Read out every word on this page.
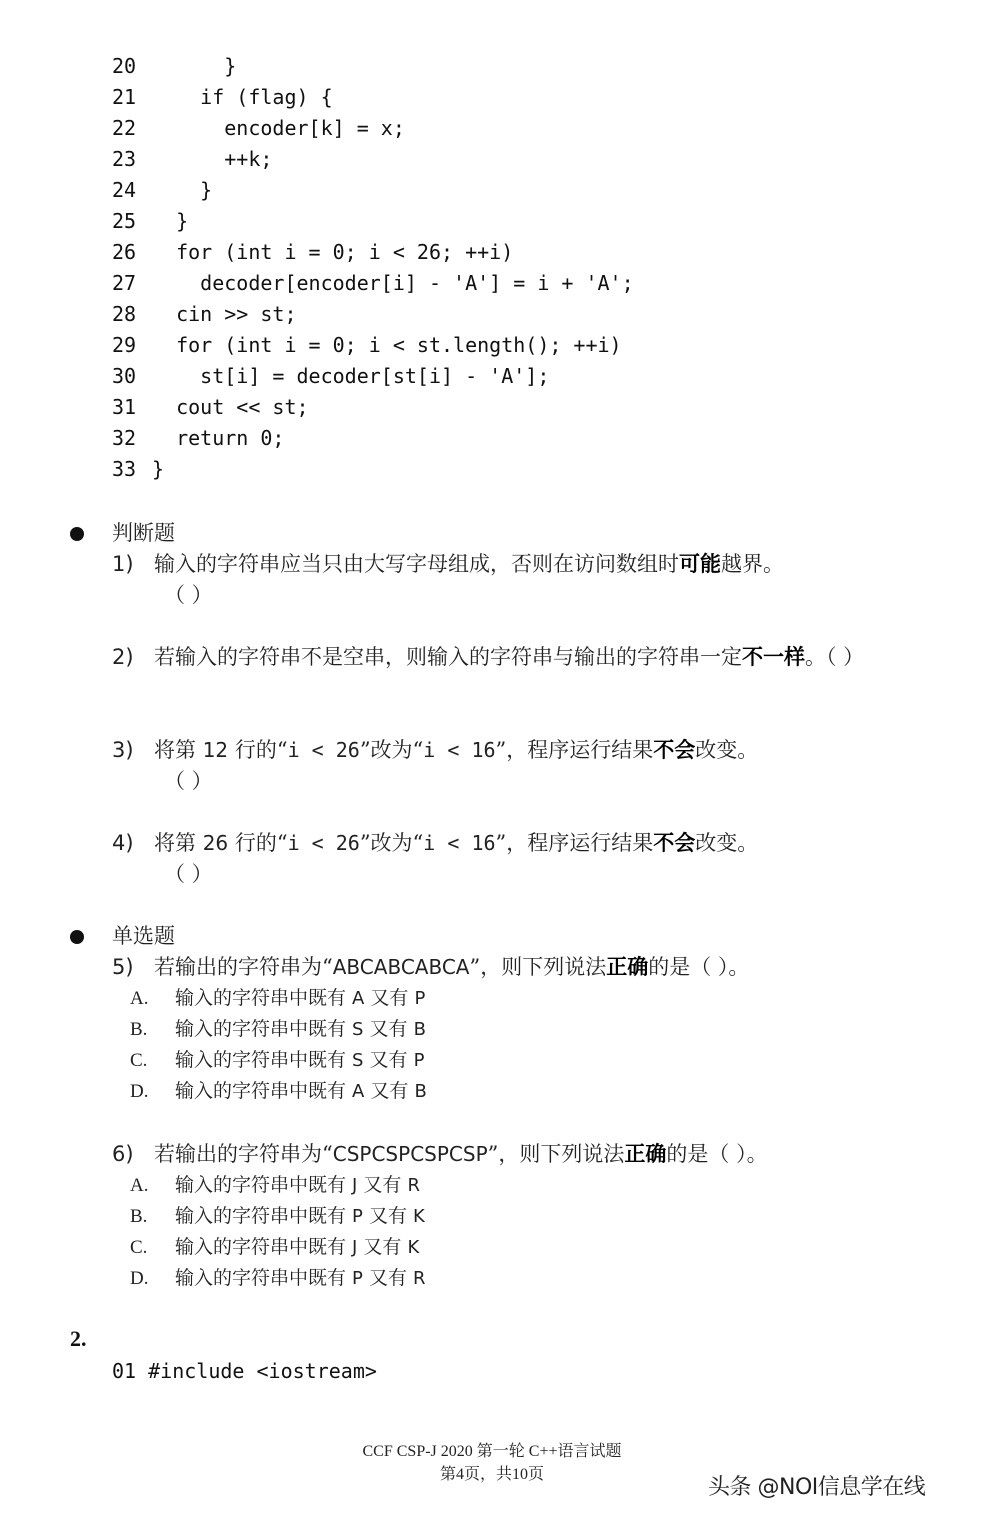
20      }
21    if (flag) {
22      encoder[k] = x;
23      ++k;
24    }
25  }
26  for (int i = 0; i < 26; ++i)
27    decoder[encoder[i] - 'A'] = i + 'A';
28  cin >> st;
29  for (int i = 0; i < st.length(); ++i)
30    st[i] = decoder[st[i] - 'A'];
31  cout << st;
32  return 0;
33 }
判断题
1) 输入的字符串应当只由大写字母组成，否则在访问数组时可能越界。
（ ）
2) 若输入的字符串不是空串，则输入的字符串与输出的字符串一定不一样。（ ）
3) 将第 12 行的“i < 26”改为“i < 16”，程序运行结果不会改变。
（ ）
4) 将第 26 行的“i < 26”改为“i < 16”，程序运行结果不会改变。
（ ）
单选题
5) 若输出的字符串为“ABCABCABCA”，则下列说法正确的是（ ）。
A. 输入的字符串中既有 A 又有 P
B. 输入的字符串中既有 S 又有 B
C. 输入的字符串中既有 S 又有 P
D. 输入的字符串中既有 A 又有 B
6) 若输出的字符串为“CSPCSPCSPCSP”，则下列说法正确的是（ ）。
A. 输入的字符串中既有 J 又有 R
B. 输入的字符串中既有 P 又有 K
C. 输入的字符串中既有 J 又有 K
D. 输入的字符串中既有 P 又有 R
2.
01 #include <iostream>
CCF CSP-J 2020 第一轮 C++语言试题
第4页，共10页
头条 @NOI信息学在线
